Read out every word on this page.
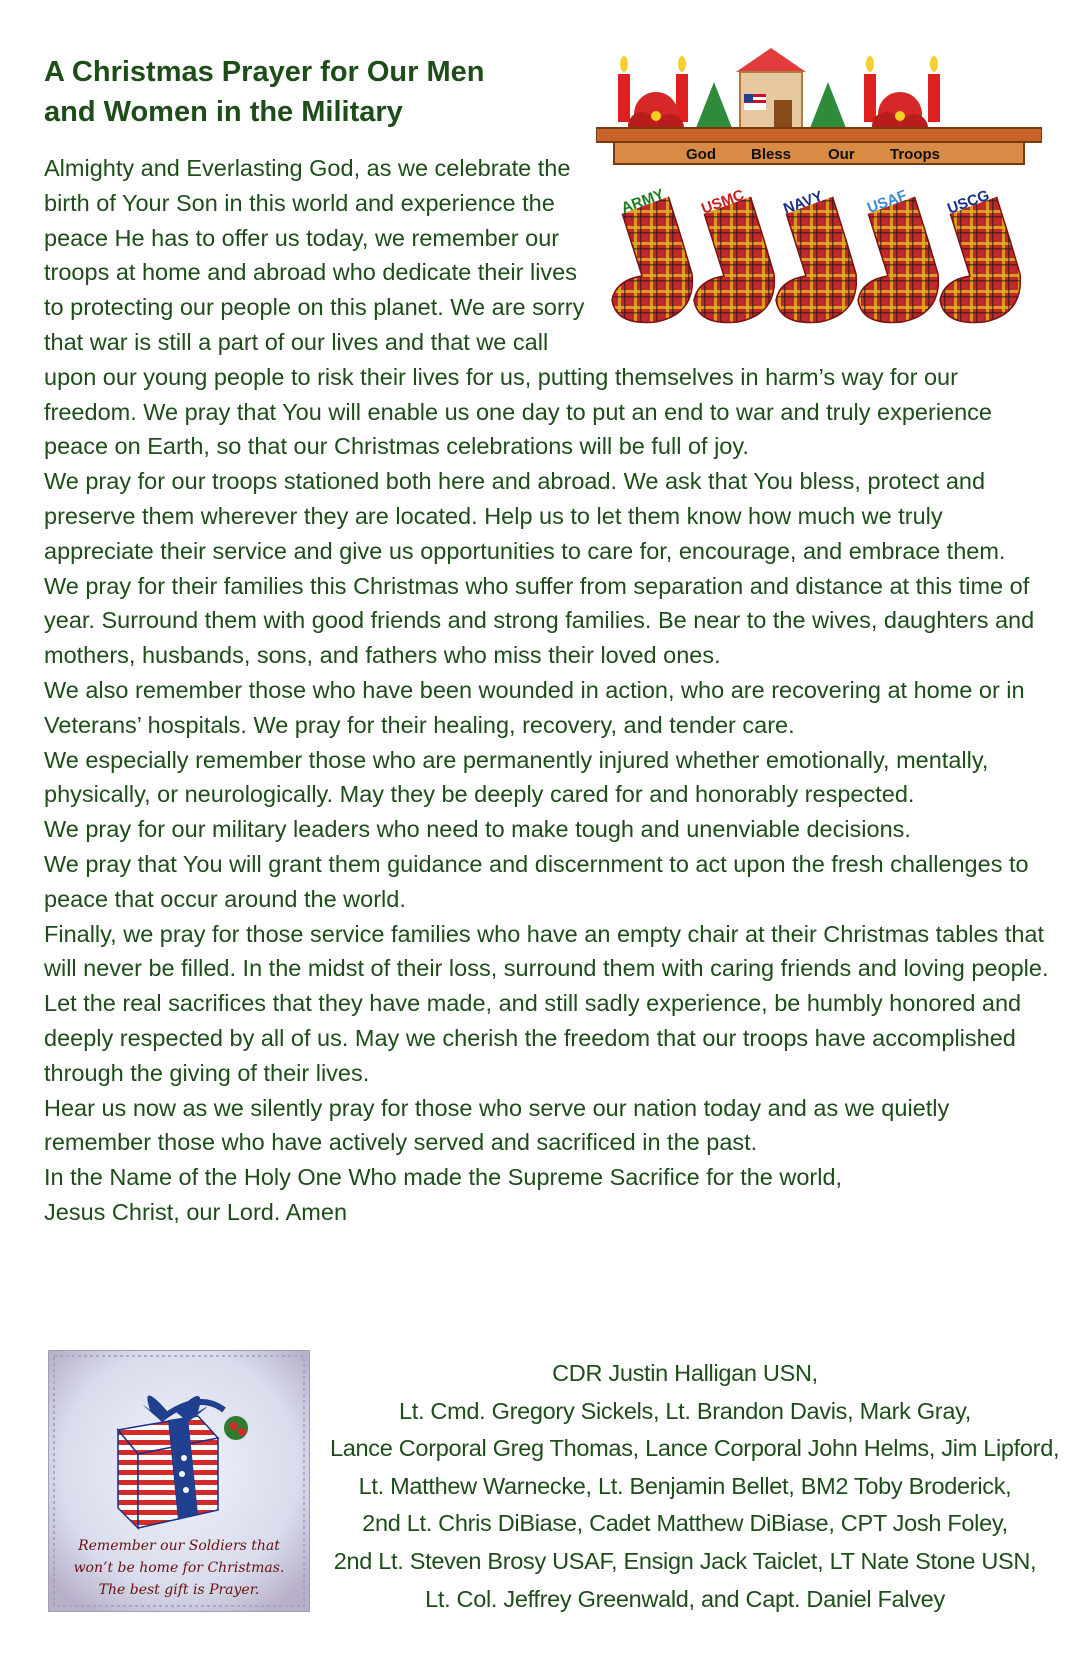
A Christmas Prayer for Our Men
and Women in the Military

Almighty and Everlasting God, as we celebrate the birth of Your Son in this world and experience the peace He has to offer us today, we remember our troops at home and abroad who dedicate their lives to protecting our people on this planet. We are sorry that war is still a part of our lives and that we call upon our young people to risk their lives for us, putting themselves in harm’s way for our freedom. We pray that You will enable us one day to put an end to war and truly experience peace on Earth, so that our Christmas celebrations will be full of joy.

We pray for our troops stationed both here and abroad. We ask that You bless, protect and preserve them wherever they are located. Help us to let them know how much we truly appreciate their service and give us opportunities to care for, encourage, and embrace them.

We pray for their families this Christmas who suffer from separation and distance at this time of year. Surround them with good friends and strong families. Be near to the wives, daughters and mothers, husbands, sons, and fathers who miss their loved ones.

We also remember those who have been wounded in action, who are recovering at home or in Veterans’ hospitals. We pray for their healing, recovery, and tender care.

We especially remember those who are permanently injured whether emotionally, mentally, physically, or neurologically. May they be deeply cared for and honorably respected.

We pray for our military leaders who need to make tough and unenviable decisions.

We pray that You will grant them guidance and discernment to act upon the fresh challenges to peace that occur around the world.

Finally, we pray for those service families who have an empty chair at their Christmas tables that will never be filled. In the midst of their loss, surround them with caring friends and loving people. Let the real sacrifices that they have made, and still sadly experience, be humbly honored and deeply respected by all of us. May we cherish the freedom that our troops have accomplished through the giving of their lives.

Hear us now as we silently pray for those who serve our nation today and as we quietly remember those who have actively served and sacrificed in the past.

In the Name of the Holy One Who made the Supreme Sacrifice for the world,

Jesus Christ, our Lord. Amen

God Bless Our Troops
ARMY USMC NAVY	USAF USCG
Remember our Soldiers that
won’t be home for Christmas.
The best gift is Prayer.
CDR Justin Halligan USN,
Lt. Cmd. Gregory Sickels, Lt. Brandon Davis, Mark Gray,
Lance Corporal Greg Thomas, Lance Corporal John Helms, Jim Lipford,
Lt. Matthew Warnecke, Lt. Benjamin Bellet, BM2 Toby Broderick,
2nd Lt. Chris DiBiase, Cadet Matthew DiBiase, CPT Josh Foley,
2nd Lt. Steven Brosy USAF, Ensign Jack Taiclet, LT Nate Stone USN,
Lt. Col. Jeffrey Greenwald, and Capt. Daniel Falvey
